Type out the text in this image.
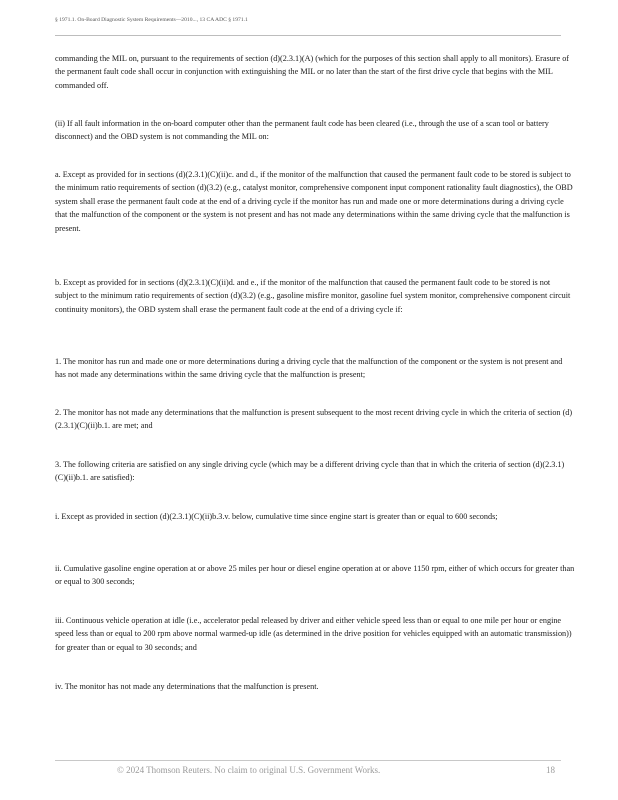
§ 1971.1. On-Board Diagnostic System Requirements—2010..., 13 CA ADC § 1971.1

commanding the MIL on, pursuant to the requirements of section (d)(2.3.1)(A) (which for the purposes of this section shall apply to all monitors). Erasure of the permanent fault code shall occur in conjunction with extinguishing the MIL or no later than the start of the first drive cycle that begins with the MIL commanded off.

(ii) If all fault information in the on-board computer other than the permanent fault code has been cleared (i.e., through the use of a scan tool or battery disconnect) and the OBD system is not commanding the MIL on:

a. Except as provided for in sections (d)(2.3.1)(C)(ii)c. and d., if the monitor of the malfunction that caused the permanent fault code to be stored is subject to the minimum ratio requirements of section (d)(3.2) (e.g., catalyst monitor, comprehensive component input component rationality fault diagnostics), the OBD system shall erase the permanent fault code at the end of a driving cycle if the monitor has run and made one or more determinations during a driving cycle that the malfunction of the component or the system is not present and has not made any determinations within the same driving cycle that the malfunction is present.

b. Except as provided for in sections (d)(2.3.1)(C)(ii)d. and e., if the monitor of the malfunction that caused the permanent fault code to be stored is not subject to the minimum ratio requirements of section (d)(3.2) (e.g., gasoline misfire monitor, gasoline fuel system monitor, comprehensive component circuit continuity monitors), the OBD system shall erase the permanent fault code at the end of a driving cycle if:

1. The monitor has run and made one or more determinations during a driving cycle that the malfunction of the component or the system is not present and has not made any determinations within the same driving cycle that the malfunction is present;

2. The monitor has not made any determinations that the malfunction is present subsequent to the most recent driving cycle in which the criteria of section (d)(2.3.1)(C)(ii)b.1. are met; and

3. The following criteria are satisfied on any single driving cycle (which may be a different driving cycle than that in which the criteria of section (d)(2.3.1)(C)(ii)b.1. are satisfied):

i. Except as provided in section (d)(2.3.1)(C)(ii)b.3.v. below, cumulative time since engine start is greater than or equal to 600 seconds;

ii. Cumulative gasoline engine operation at or above 25 miles per hour or diesel engine operation at or above 1150 rpm, either of which occurs for greater than or equal to 300 seconds;

iii. Continuous vehicle operation at idle (i.e., accelerator pedal released by driver and either vehicle speed less than or equal to one mile per hour or engine speed less than or equal to 200 rpm above normal warmed-up idle (as determined in the drive position for vehicles equipped with an automatic transmission)) for greater than or equal to 30 seconds; and

iv. The monitor has not made any determinations that the malfunction is present.

© 2024 Thomson Reuters. No claim to original U.S. Government Works.	18
